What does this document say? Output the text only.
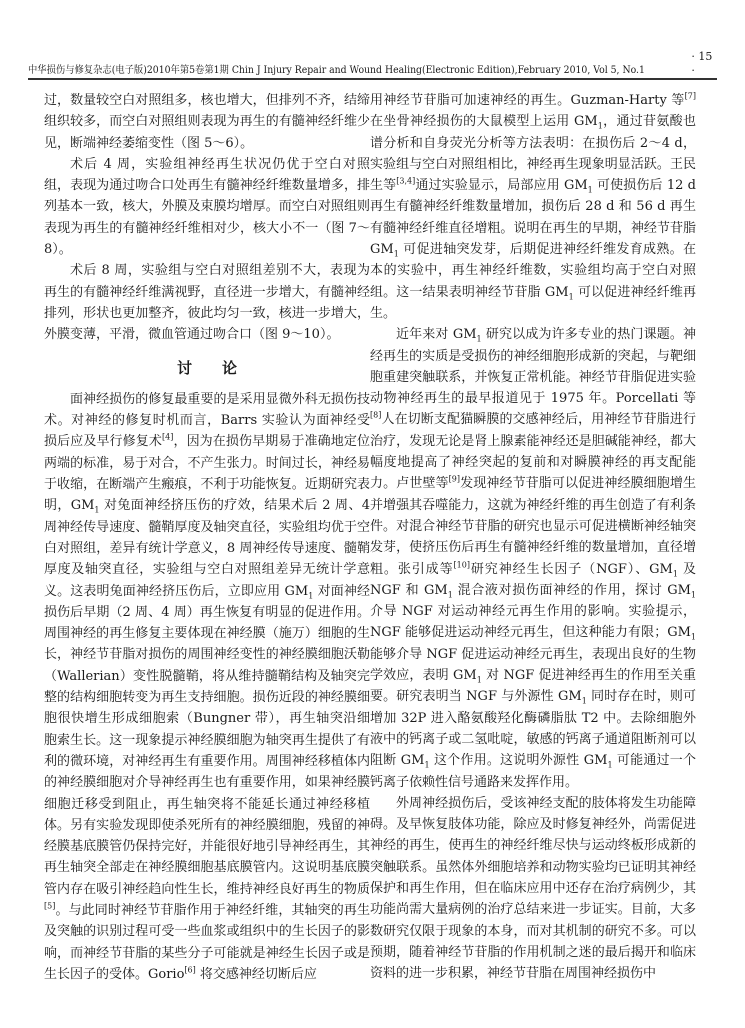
中华损伤与修复杂志(电子版)2010年第5卷第1期 Chin J Injury Repair and Wound Healing(Electronic Edition),February 2010, Vol 5, No.1
· 15 ·

过，数量较空白对照组多，核也增大，但排列不齐，结缔组织较多，而空白对照组则表现为再生的有髓神经纤维少见，断端神经萎缩变性（图 5～6）。

术后 4 周，实验组神经再生状况仍优于空白对照组，表现为通过吻合口处再生有髓神经纤维数量增多，排列基本一致，核大，外膜及束膜均增厚。而空白对照组则表现为再生的有髓神经纤维相对少，核大小不一（图 7～8）。

术后 8 周，实验组与空白对照组差别不大，表现为再生的有髓神经纤维满视野，直径进一步增大，有髓神经排列，形状也更加整齐，彼此均匀一致，核进一步增大，外膜变薄，平滑，微血管通过吻合口（图 9～10）。

讨论

面神经损伤的修复最重要的是采用显微外科无损伤技术。对神经的修复时机而言，Barrs 实验认为面神经受损后应及早行修复术[4]，因为在损伤早期易于准确地定位两端的标准，易于对合，不产生张力。时间过长，神经易于收缩，在断端产生瘢痕，不利于功能恢复。近期研究表明，$GM_1$ 对兔面神经挤压伤的疗效，结果术后 2 周、4 周神经传导速度、髓鞘厚度及轴突直径，实验组均优于空白对照组，差异有统计学意义，8 周神经传导速度、髓鞘厚度及轴突直径，实验组与空白对照组差异无统计学意义。这表明兔面神经挤压伤后，立即应用 $GM_1$ 对面神经损伤后早期（2 周、4 周）再生恢复有明显的促进作用。周围神经的再生修复主要体现在神经膜（施万）细胞的生长，神经节苷脂对损伤的周围神经变性的神经膜细胞沃勒（Wallerian）变性脱髓鞘，将从维持髓鞘结构及轴突完整的结构细胞转变为再生支持细胞。损伤近段的神经膜细胞很快增生形成细胞索（Bungner 带），再生轴突沿细胞索生长。这一现象提示神经膜细胞为轴突再生提供了有利的微环境，对神经再生有重要作用。周围神经移植体内的神经膜细胞对介导神经再生也有重要作用，如果神经膜细胞迁移受到阻止，再生轴突将不能延长通过神经移植体。另有实验发现即使杀死所有的神经膜细胞，残留的神经膜基底膜管仍保持完好，并能很好地引导神经再生，其再生轴突全部走在神经膜细胞基底膜管内。这说明基底膜管内存在吸引神经趋向性生长，维持神经良好再生的物质[5]。与此同时神经节苷脂作用于神经纤维，其轴突的再生及突触的识别过程可受一些血浆或组织中的生长因子的影响，而神经节苷脂的某些分子可能就是神经生长因子或是生长因子的受体。Gorio[6] 将交感神经切断后应

用神经节苷脂可加速神经的再生。Guzman-Harty 等[7]在坐骨神经损伤的大鼠模型上运用 $GM_1$，通过苷氨酸也谱分析和自身荧光分析等方法表明：在损伤后 2～4 d，实验组与空白对照组相比，神经再生现象明显活跃。王民生等[3,4]通过实验显示，局部应用 $GM_1$ 可使损伤后 12 d 再生有髓神经纤维数量增加，损伤后 28 d 和 56 d 再生有髓神经纤维直径增粗。说明在再生的早期，神经节苷脂 $GM_1$ 可促进轴突发芽，后期促进神经纤维发育成熟。在本的实验中，再生神经纤维数，实验组均高于空白对照组。这一结果表明神经节苷脂 $GM_1$ 可以促进神经纤维再生。

近年来对 $GM_1$ 研究以成为许多专业的热门课题。神经再生的实质是受损伤的神经细胞形成新的突起，与靶细胞重建突触联系，并恢复正常机能。神经节苷脂促进实验动物神经再生的最早报道见于 1975 年。Porcellati 等[8]人在切断支配猫瞬膜的交感神经后，用神经节苷脂进行治疗，发现无论是肾上腺素能神经还是胆碱能神经，都大幅度地提高了神经突起的复前和对瞬膜神经的再支配能力。卢世壁等[9]发现神经节苷脂可以促进神经膜细胞增生并增强其吞噬能力，这就为神经纤维的再生创造了有利条件。对混合神经节苷脂的研究也显示可促进横断神经轴突发芽，使挤压伤后再生有髓神经纤维的数量增加，直径增粗。张引成等[10]研究神经生长因子（NGF）、$GM_1$ 及 NGF 和 $GM_1$ 混合液对损伤面神经的作用，探讨 $GM_1$ 介导 NGF 对运动神经元再生作用的影响。实验提示，NGF 能够促进运动神经元再生，但这种能力有限；$GM_1$ 能够介导 NGF 促进运动神经元再生，表现出良好的生物学效应，表明 $GM_1$ 对 NGF 促进神经再生的作用至关重要。研究表明当 NGF 与外源性 $GM_1$ 同时存在时，则可增加 32P 进入酪氨酸羟化酶磷脂肽 T2 中。去除细胞外液中的钙离子或二氢吡啶，敏感的钙离子通道阻断剂可以阻断 $GM_1$ 这个作用。这说明外源性 $GM_1$ 可能通过一个钙离子依赖性信号通路来发挥作用。

外周神经损伤后，受该神经支配的肢体将发生功能障碍。及早恢复肢体功能，除应及时修复神经外，尚需促进神经的再生，使再生的神经纤维尽快与运动终板形成新的突触联系。虽然体外细胞培养和动物实验均已证明其神经保护和再生作用，但在临床应用中还存在治疗病例少，其功能尚需大量病例的治疗总结来进一步证实。目前，大多数研究仅限于现象的本身，而对其机制的研究不多。可以预期，随着神经节苷脂的作用机制之迷的最后揭开和临床资料的进一步积累，神经节苷脂在周围神经损伤中
